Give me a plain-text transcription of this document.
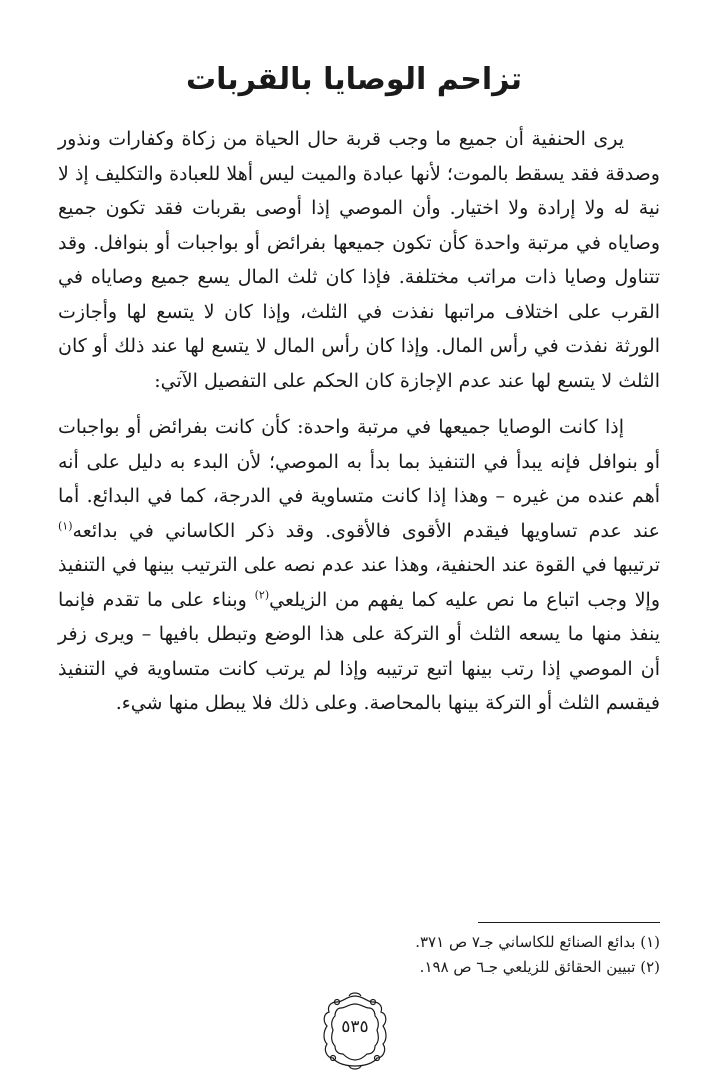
تزاحم الوصايا بالقربات

يرى الحنفية أن جميع ما وجب قربة حال الحياة من زكاة وكفارات ونذور وصدقة فقد يسقط بالموت؛ لأنها عبادة والميت ليس أهلا للعبادة والتكليف إذ لا نية له ولا إرادة ولا اختيار. وأن الموصي إذا أوصى بقربات فقد تكون جميع وصاياه في مرتبة واحدة كأن تكون جميعها بفرائض أو بواجبات أو بنوافل. وقد تتناول وصايا ذات مراتب مختلفة. فإذا كان ثلث المال يسع جميع وصاياه في القرب على اختلاف مراتبها نفذت في الثلث، وإذا كان لا يتسع لها وأجازت الورثة نفذت في رأس المال. وإذا كان رأس المال لا يتسع لها عند ذلك أو كان الثلث لا يتسع لها عند عدم الإجازة كان الحكم على التفصيل الآتي:

إذا كانت الوصايا جميعها في مرتبة واحدة: كأن كانت بفرائض أو بواجبات أو بنوافل فإنه يبدأ في التنفيذ بما بدأ به الموصي؛ لأن البدء به دليل على أنه أهم عنده من غيره – وهذا إذا كانت متساوية في الدرجة، كما في البدائع. أما عند عدم تساويها فيقدم الأقوى فالأقوى. وقد ذكر الكاساني في بدائعه$^{(١)}$ ترتيبها في القوة عند الحنفية، وهذا عند عدم نصه على الترتيب بينها في التنفيذ وإلا وجب اتباع ما نص عليه كما يفهم من الزيلعي$^{(٢)}$ وبناء على ما تقدم فإنما ينفذ منها ما يسعه الثلث أو التركة على هذا الوضع وتبطل بافيها – ويرى زفر أن الموصي إذا رتب بينها اتبع ترتيبه وإذا لم يرتب كانت متساوية في التنفيذ فيقسم الثلث أو التركة بينها بالمحاصة. وعلى ذلك فلا يبطل منها شيء.

(١) بدائع الصنائع للكاساني جـ٧ ص ٣٧١.

(٢) تبيين الحقائق للزيلعي جـ٦ ص ١٩٨.

٥٣٥
